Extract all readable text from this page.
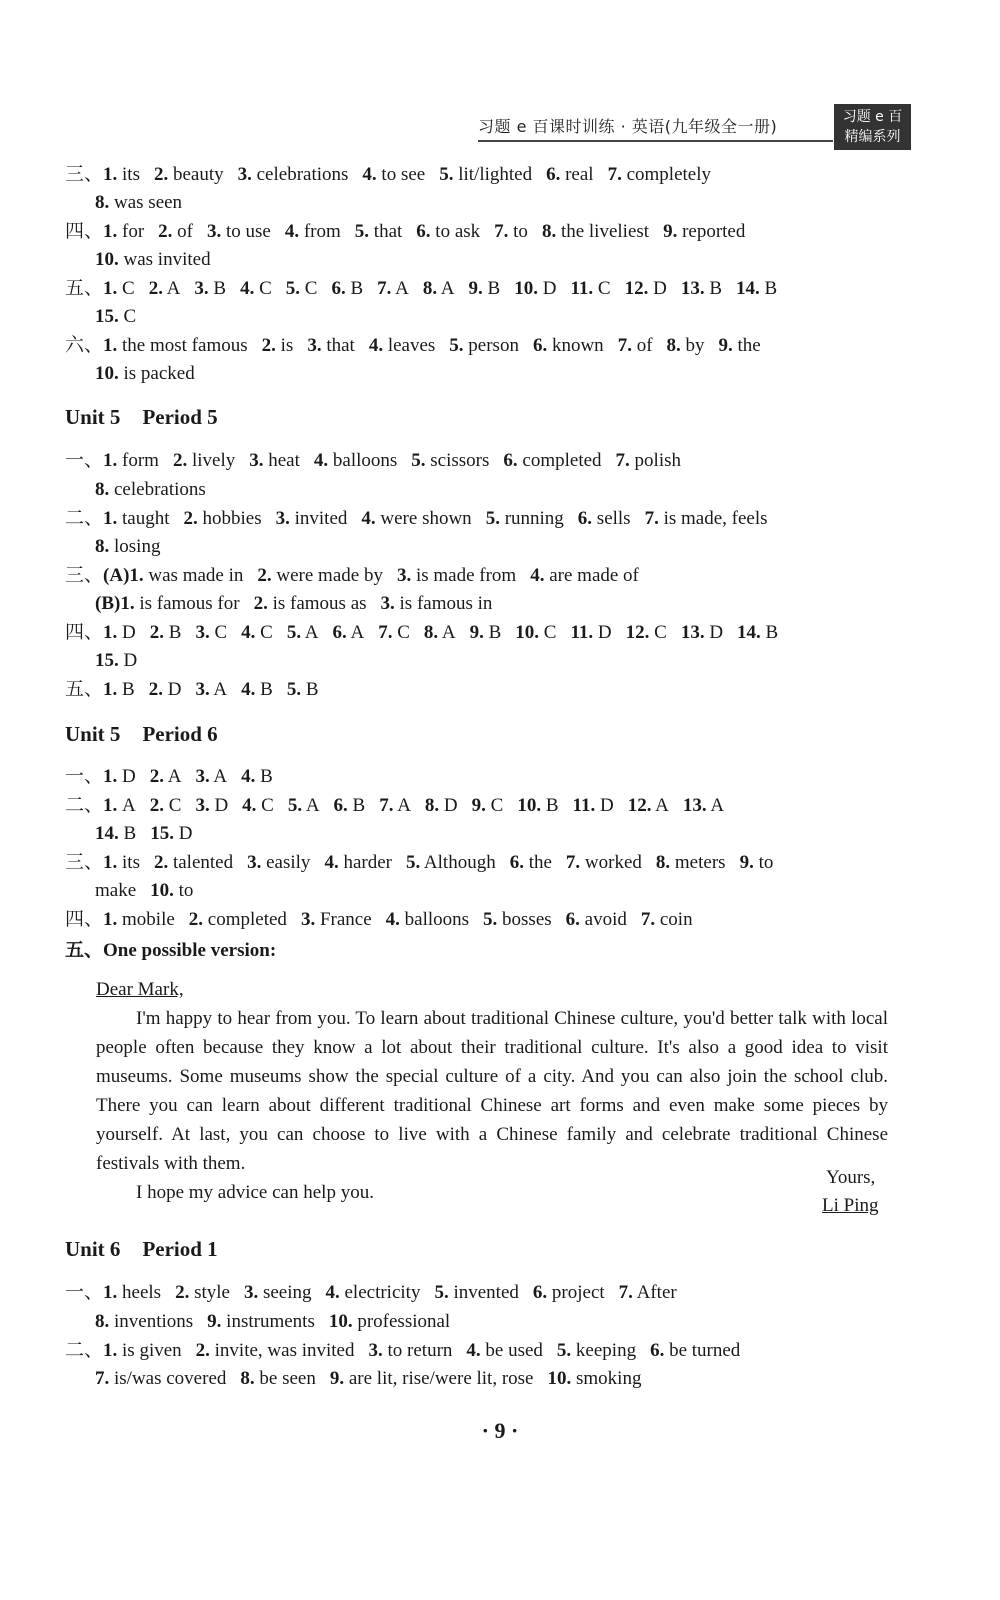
习题 e 百课时训练 · 英语(九年级全一册)	习题 e 百
精编系列
三、1. its 2. beauty 3. celebrations 4. to see 5. lit/lighted 6. real 7. completely
8. was seen
四、1. for 2. of 3. to use 4. from 5. that 6. to ask 7. to 8. the liveliest 9. reported
10. was invited
五、1. C 2. A 3. B 4. C 5. C 6. B 7. A 8. A 9. B 10. D 11. C 12. D 13. B 14. B
15. C
六、1. the most famous 2. is 3. that 4. leaves 5. person 6. known 7. of 8. by 9. the
10. is packed
Unit 5 Period 5
一、1. form 2. lively 3. heat 4. balloons 5. scissors 6. completed 7. polish
8. celebrations
二、1. taught 2. hobbies 3. invited 4. were shown 5. running 6. sells 7. is made, feels
8. losing
三、(A)1. was made in 2. were made by 3. is made from 4. are made of
(B)1. is famous for 2. is famous as 3. is famous in
四、1. D 2. B 3. C 4. C 5. A 6. A 7. C 8. A 9. B 10. C 11. D 12. C 13. D 14. B
15. D
五、1. B 2. D 3. A 4. B 5. B
Unit 5 Period 6
一、1. D 2. A 3. A 4. B
二、1. A 2. C 3. D 4. C 5. A 6. B 7. A 8. D 9. C 10. B 11. D 12. A 13. A
14. B 15. D
三、1. its 2. talented 3. easily 4. harder 5. Although 6. the 7. worked 8. meters 9. to
make 10. to
四、1. mobile 2. completed 3. France 4. balloons 5. bosses 6. avoid 7. coin
Unit 6 Period 1
一、1. heels 2. style 3. seeing 4. electricity 5. invented 6. project 7. After
8. inventions 9. instruments 10. professional
二、1. is given 2. invite, was invited 3. to return 4. be used 5. keeping 6. be turned
7. is/was covered 8. be seen 9. are lit, rise/were lit, rose 10. smoking

Dear Mark,

I'm happy to hear from you. To learn about traditional Chinese culture, you'd better talk with local people often because they know a lot about their traditional culture. It's also a good idea to visit museums. Some museums show the special culture of a city. And you can also join the school club. There you can learn about different traditional Chinese art forms and even make some pieces by yourself. At last, you can choose to live with a Chinese family and celebrate traditional Chinese festivals with them.

I hope my advice can help you.

五、One possible version:
Yours,
Li Ping
· 9 ·
